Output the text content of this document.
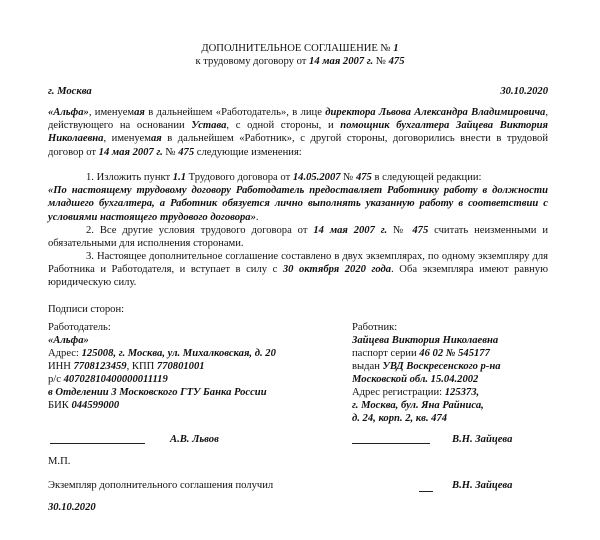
ДОПОЛНИТЕЛЬНОЕ СОГЛАШЕНИЕ № 1
к трудовому договору от 14 мая 2007 г. № 475
г. Москва	30.10.2020

«Альфа», именуемая в дальнейшем «Работодатель», в лице директора Львова Александра Владимировича, действующего на основании Устава, с одной стороны, и помощник бухгалтера Зайцева Виктория Николаевна, именуемая в дальнейшем «Работник», с другой стороны, договорились внести в трудовой договор от 14 мая 2007 г. № 475 следующие изменения:

1. Изложить пункт 1.1 Трудового договора от 14.05.2007 № 475 в следующей редакции:

«По настоящему трудовому договору Работодатель предоставляет Работнику работу в должности младшего бухгалтера, а Работник обязуется лично выполнять указанную работу в соответствии с условиями настоящего трудового договора».

2. Все другие условия трудового договора от 14 мая 2007 г. № 475 считать неизменными и обязательными для исполнения сторонами.

3. Настоящее дополнительное соглашение составлено в двух экземплярах, по одному экземпляру для Работника и Работодателя, и вступает в силу с 30 октября 2020 года. Оба экземпляра имеют равную юридическую силу.

Подписи сторон:
Работодатель:
«Альфа»
Адрес: 125008, г. Москва, ул. Михалковская, д. 20
ИНН 7708123459, КПП 770801001
р/с 40702810400000011119
в Отделении 3 Московского ГТУ Банка России
БИК 044599000
Работник:
Зайцева Виктория Николаевна
паспорт серии 46 02 № 545177
выдан УВД Воскресенского р-на
Московской обл. 15.04.2002
Адрес регистрации: 125373,
г. Москва, бул. Яна Райниса,
д. 24, корп. 2, кв. 474
А.В. Львов	В.Н. Зайцева
М.П.
Экземпляр дополнительного соглашения получил	В.Н. Зайцева
30.10.2020
